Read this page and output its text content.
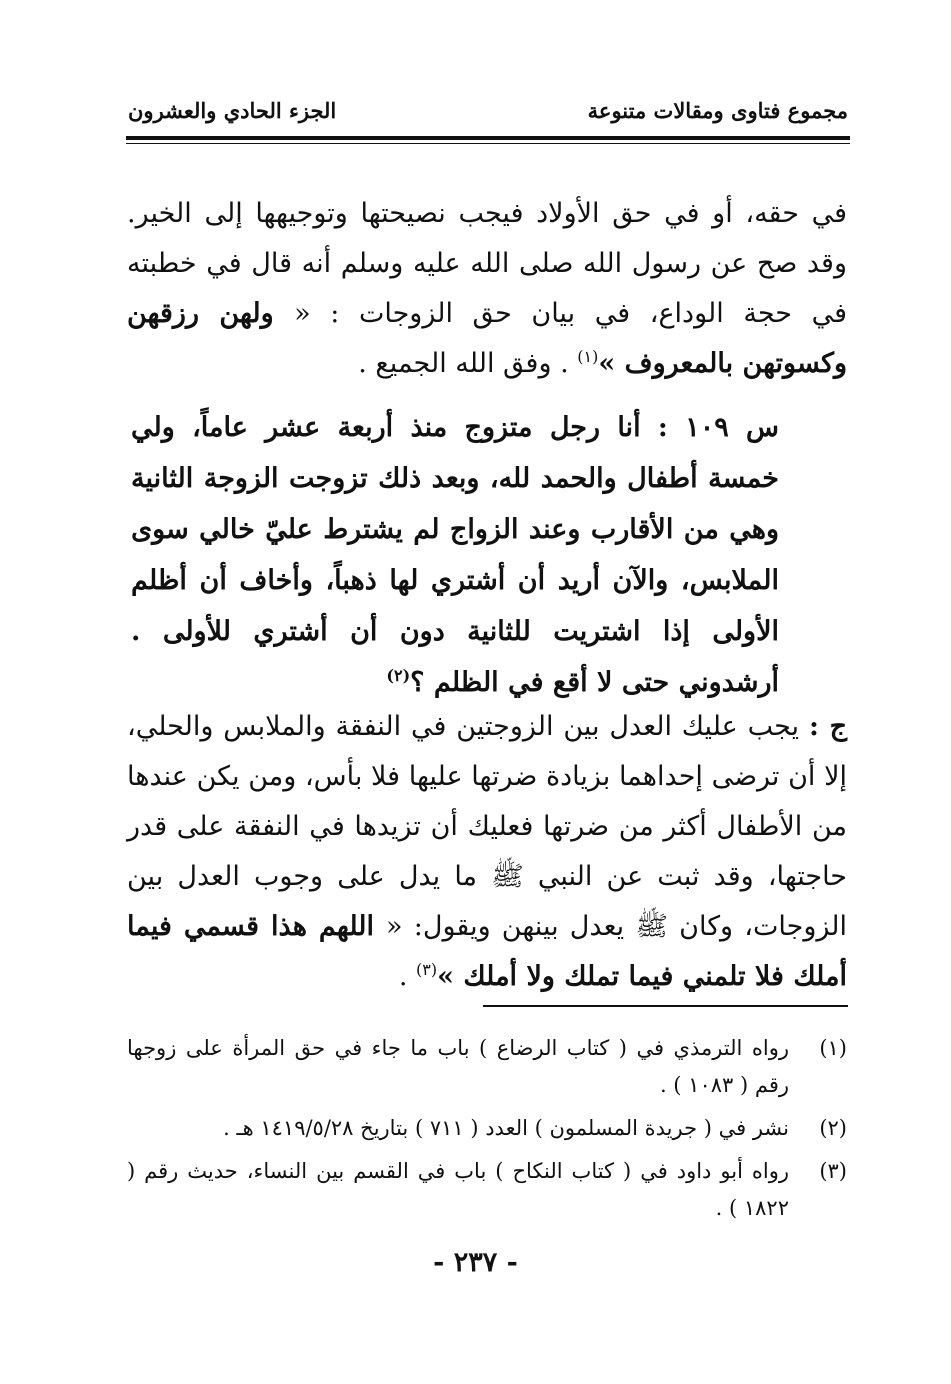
مجموع فتاوى ومقالات متنوعة
الجزء الحادي والعشرون
في حقه، أو في حق الأولاد فيجب نصيحتها وتوجيهها إلى الخير. وقد صح عن رسول الله صلى الله عليه وسلم أنه قال في خطبته في حجة الوداع، في بيان حق الزوجات : « ولهن رزقهن وكسوتهن بالمعروف »$^{(١)}$ . وفق الله الجميع .
س ١٠٩ : أنا رجل متزوج منذ أربعة عشر عاماً، ولي خمسة أطفال والحمد لله، وبعد ذلك تزوجت الزوجة الثانية وهي من الأقارب وعند الزواج لم يشترط عليّ خالي سوى الملابس، والآن أريد أن أشتري لها ذهباً، وأخاف أن أظلم الأولى إذا اشتريت للثانية دون أن أشتري للأولى . أرشدوني حتى لا أقع في الظلم ؟$^{(٢)}$
ج : يجب عليك العدل بين الزوجتين في النفقة والملابس والحلي، إلا أن ترضى إحداهما بزيادة ضرتها عليها فلا بأس، ومن يكن عندها من الأطفال أكثر من ضرتها فعليك أن تزيدها في النفقة على قدر حاجتها، وقد ثبت عن النبي ﷺ ما يدل على وجوب العدل بين الزوجات، وكان ﷺ يعدل بينهن ويقول: « اللهم هذا قسمي فيما أملك فلا تلمني فيما تملك ولا أملك »$^{(٣)}$ .
(١)
رواه الترمذي في ( كتاب الرضاع ) باب ما جاء في حق المرأة على زوجها رقم ( ١٠٨٣ ) .
(٢)
نشر في ( جريدة المسلمون ) العدد ( ٧١١ ) بتاريخ ١٤١٩/٥/٢٨ هـ .
(٣)
رواه أبو داود في ( كتاب النكاح ) باب في القسم بين النساء، حديث رقم ( ١٨٢٢ ) .
- ٢٣٧ -
